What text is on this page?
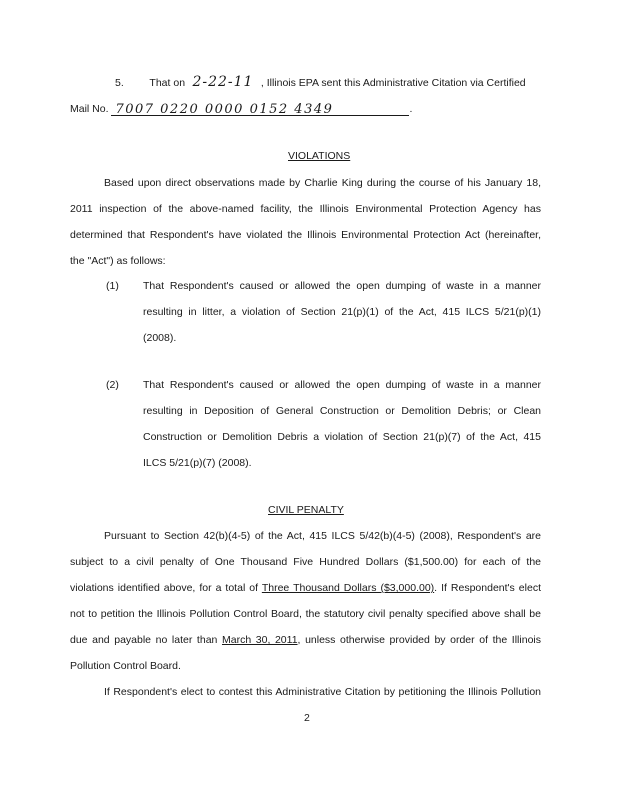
5. That on 2-22-11 , Illinois EPA sent this Administrative Citation via Certified
Mail No. 7007 0220 0000 0152 4349	.
VIOLATIONS
Based upon direct observations made by Charlie King during the course of his January 18,
2011 inspection of the above-named facility, the Illinois Environmental Protection Agency has
determined that Respondent's have violated the Illinois Environmental Protection Act (hereinafter,
the "Act") as follows:
(1) That Respondent's caused or allowed the open dumping of waste in a manner
resulting in litter, a violation of Section 21(p)(1) of the Act, 415 ILCS 5/21(p)(1)
(2008).
(2) That Respondent's caused or allowed the open dumping of waste in a manner
resulting in Deposition of General Construction or Demolition Debris; or Clean
Construction or Demolition Debris a violation of Section 21(p)(7) of the Act, 415
ILCS 5/21(p)(7) (2008).
CIVIL PENALTY
Pursuant to Section 42(b)(4-5) of the Act, 415 ILCS 5/42(b)(4-5) (2008), Respondent's are
subject to a civil penalty of One Thousand Five Hundred Dollars ($1,500.00) for each of the
violations identified above, for a total of Three Thousand Dollars ($3,000.00). If Respondent's elect
not to petition the Illinois Pollution Control Board, the statutory civil penalty specified above shall be
due and payable no later than March 30, 2011, unless otherwise provided by order of the Illinois
Pollution Control Board.
If Respondent's elect to contest this Administrative Citation by petitioning the Illinois Pollution
2
